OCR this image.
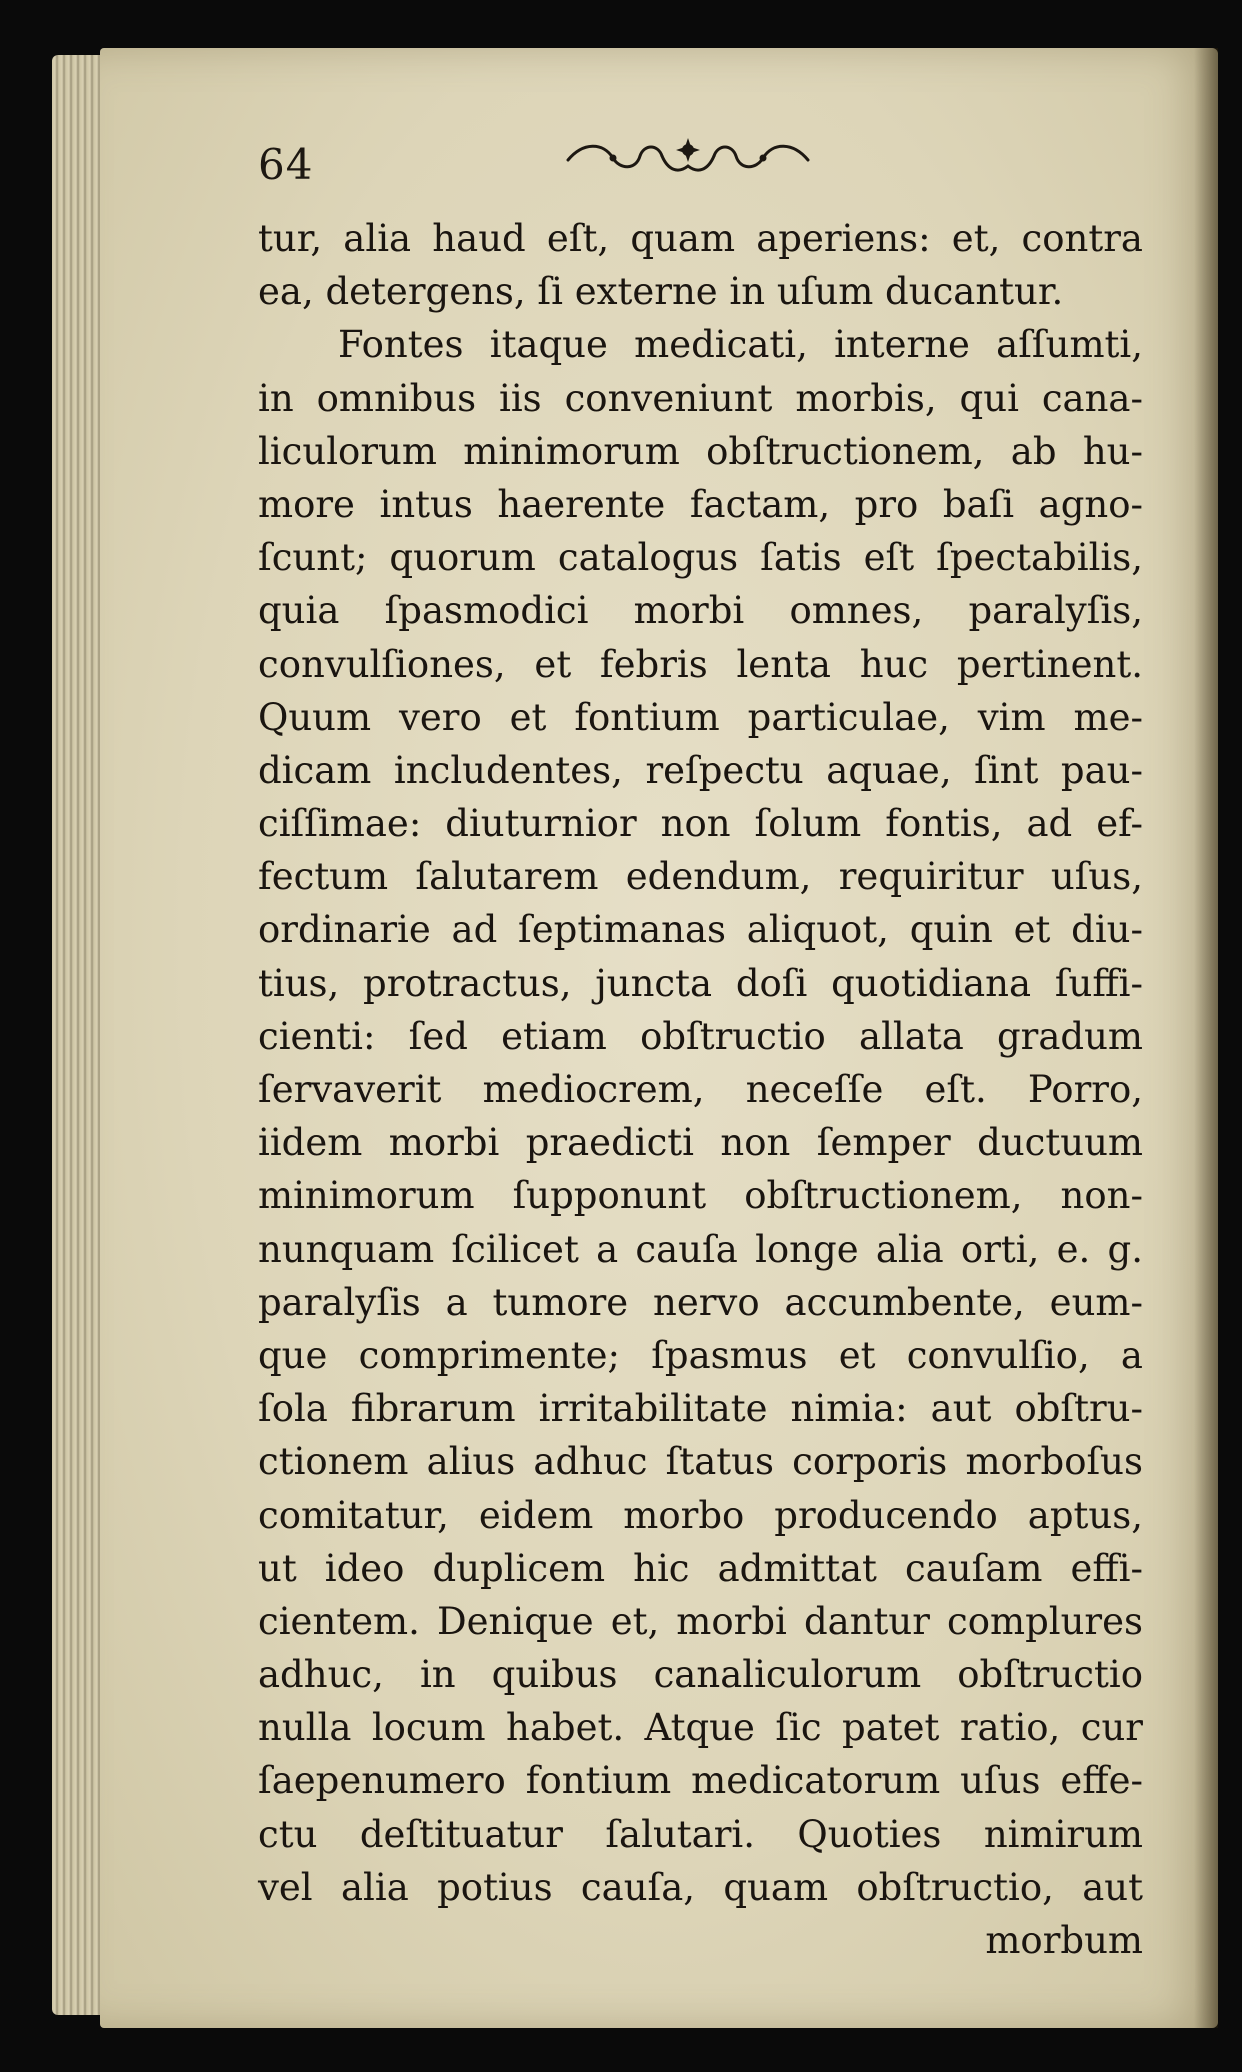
64
tur, alia haud eſt, quam aperiens: et, contra
ea, detergens, ſi externe in uſum ducantur.
Fontes itaque medicati, interne aſſumti,
in omnibus iis conveniunt morbis, qui cana-
liculorum minimorum obſtructionem, ab hu-
more intus haerente factam, pro baſi agno-
ſcunt; quorum catalogus ſatis eſt ſpectabilis,
quia ſpasmodici morbi omnes, paralyſis,
convulſiones, et febris lenta huc pertinent.
Quum vero et fontium particulae, vim me-
dicam includentes, reſpectu aquae, ſint pau-
ciſſimae: diuturnior non ſolum fontis, ad ef-
fectum ſalutarem edendum, requiritur uſus,
ordinarie ad ſeptimanas aliquot, quin et diu-
tius, protractus, juncta doſi quotidiana ſuffi-
cienti: ſed etiam obſtructio allata gradum
ſervaverit mediocrem, neceſſe eſt. Porro,
iidem morbi praedicti non ſemper ductuum
minimorum ſupponunt obſtructionem, non-
nunquam ſcilicet a cauſa longe alia orti, e. g.
paralyſis a tumore nervo accumbente, eum-
que comprimente; ſpasmus et convulſio, a
ſola fibrarum irritabilitate nimia: aut obſtru-
ctionem alius adhuc ſtatus corporis morboſus
comitatur, eidem morbo producendo aptus,
ut ideo duplicem hic admittat cauſam effi-
cientem. Denique et, morbi dantur complures
adhuc, in quibus canaliculorum obſtructio
nulla locum habet. Atque ſic patet ratio, cur
ſaepenumero fontium medicatorum uſus effe-
ctu deſtituatur ſalutari. Quoties nimirum
vel alia potius cauſa, quam obſtructio, aut
morbum
